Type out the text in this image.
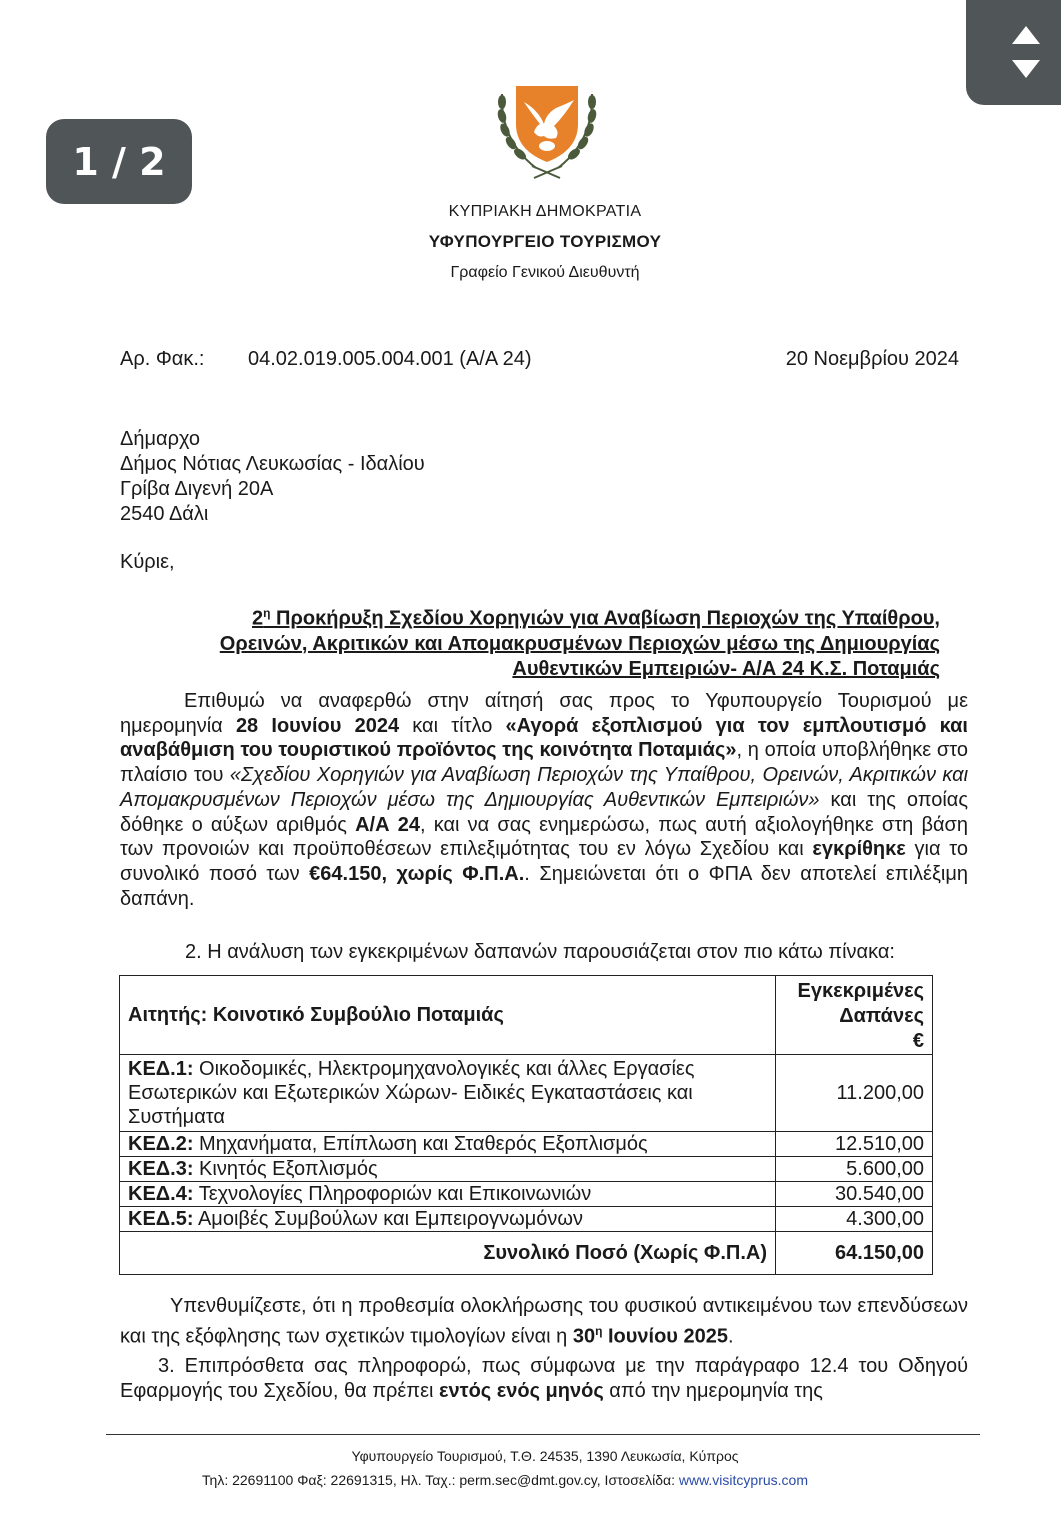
1 / 2
ΚΥΠΡΙΑΚΗ ΔΗΜΟΚΡΑΤΙΑ
ΥΦΥΠΟΥΡΓΕΙΟ ΤΟΥΡΙΣΜΟΥ
Γραφείο Γενικού Διευθυντή
Αρ. Φακ.: 04.02.019.005.004.001 (Α/Α 24)	20 Νοεμβρίου 2024
Δήμαρχο
Δήμος Νότιας Λευκωσίας - Ιδαλίου
Γρίβα Διγενή 20Α
2540 Δάλι
Κύριε,
$2^\eta$ Προκήρυξη Σχεδίου Χορηγιών για Αναβίωση Περιοχών της Υπαίθρου,
Ορεινών, Ακριτικών και Απομακρυσμένων Περιοχών μέσω της Δημιουργίας
Αυθεντικών Εμπειριών- Α/Α 24 Κ.Σ. Ποταμιάς
Επιθυμώ να αναφερθώ στην αίτησή σας προς το Υφυπουργείο Τουρισμού με ημερομηνία 28 Ιουνίου 2024 και τίτλο «Αγορά εξοπλισμού για τον εμπλουτισμό και αναβάθμιση του τουριστικού προϊόντος της κοινότητα Ποταμιάς», η οποία υποβλήθηκε στο πλαίσιο του «Σχεδίου Χορηγιών για Αναβίωση Περιοχών της Υπαίθρου, Ορεινών, Ακριτικών και Απομακρυσμένων Περιοχών μέσω της Δημιουργίας Αυθεντικών Εμπειριών» και της οποίας δόθηκε ο αύξων αριθμός Α/Α 24, και να σας ενημερώσω, πως αυτή αξιολογήθηκε στη βάση των προνοιών και προϋποθέσεων επιλεξιμότητας του εν λόγω Σχεδίου και εγκρίθηκε για το συνολικό ποσό των €64.150, χωρίς Φ.Π.Α.. Σημειώνεται ότι ο ΦΠΑ δεν αποτελεί επιλέξιμη δαπάνη.
2. Η ανάλυση των εγκεκριμένων δαπανών παρουσιάζεται στον πιο κάτω πίνακα:
Αιτητής: Κοινοτικό Συμβούλιο Ποταμιάς	Εγκεκριμένες
Δαπάνες
€

ΚΕΔ.1: Οικοδομικές, Ηλεκτρομηχανολογικές και άλλες Εργασίες Εσωτερικών και Εξωτερικών Χώρων- Ειδικές Εγκαταστάσεις και Συστήματα	11.200,00
ΚΕΔ.2: Μηχανήματα, Επίπλωση και Σταθερός Εξοπλισμός	12.510,00
ΚΕΔ.3: Κινητός Εξοπλισμός	5.600,00
ΚΕΔ.4: Τεχνολογίες Πληροφοριών και Επικοινωνιών	30.540,00
ΚΕΔ.5: Αμοιβές Συμβούλων και Εμπειρογνωμόνων	4.300,00
Συνολικό Ποσό (Χωρίς Φ.Π.Α)	64.150,00
Υπενθυμίζεστε, ότι η προθεσμία ολοκλήρωσης του φυσικού αντικειμένου των επενδύσεων και της εξόφλησης των σχετικών τιμολογίων είναι η $30^\eta$ Ιουνίου 2025.
3. Επιπρόσθετα σας πληροφορώ, πως σύμφωνα με την παράγραφο 12.4 του Οδηγού Εφαρμογής του Σχεδίου, θα πρέπει εντός ενός μηνός από την ημερομηνία της
Υφυπουργείο Τουρισμού, Τ.Θ. 24535, 1390 Λευκωσία, Κύπρος
Τηλ: 22691100 Φαξ: 22691315, Ηλ. Ταχ.: perm.sec@dmt.gov.cy, Ιστοσελίδα: www.visitcyprus.com
